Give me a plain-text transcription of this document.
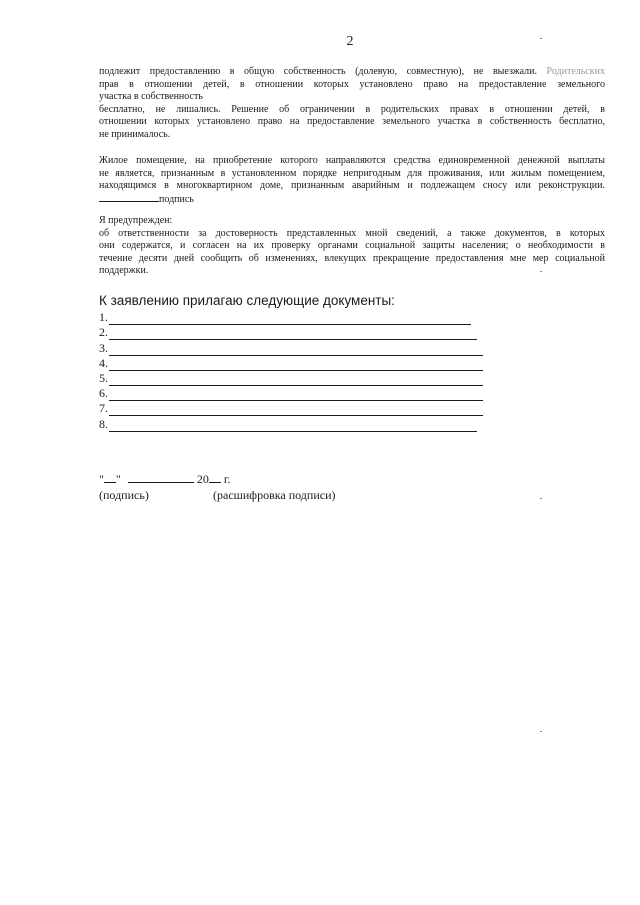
2
подлежит предоставлению в общую собственность (долевую, совместную), не выезжали. Родительских
прав в отношении детей, в отношении которых установлено право на предоставление земельного
участка в собственность
бесплатно, не лишались. Решение об ограничении в родительских правах в отношении детей, в
отношении которых установлено право на предоставление земельного участка в собственность бесплатно,
не принималось.
Жилое помещение, на приобретение которого направляются средства единовременной денежной выплаты
не является, признанным в установленном порядке непригодным для проживания, или жилым помещением,
находящимся в многоквартирном доме, признанным аварийным и подлежащем сносу или реконструкции.
подпись
Я предупрежден:
об ответственности за достоверность представленных мной сведений, а также документов, в которых
они содержатся, и согласен на их проверку органами социальной защиты населения; о необходимости в
течение десяти дней сообщить об изменениях, влекущих прекращение предоставления мне мер социальной
поддержки.
К заявлению прилагаю следующие документы:
1.
2.
3.
4.
5.
6.
7.
8.
" "	20 г.
(подпись)	(расшифровка подписи)
